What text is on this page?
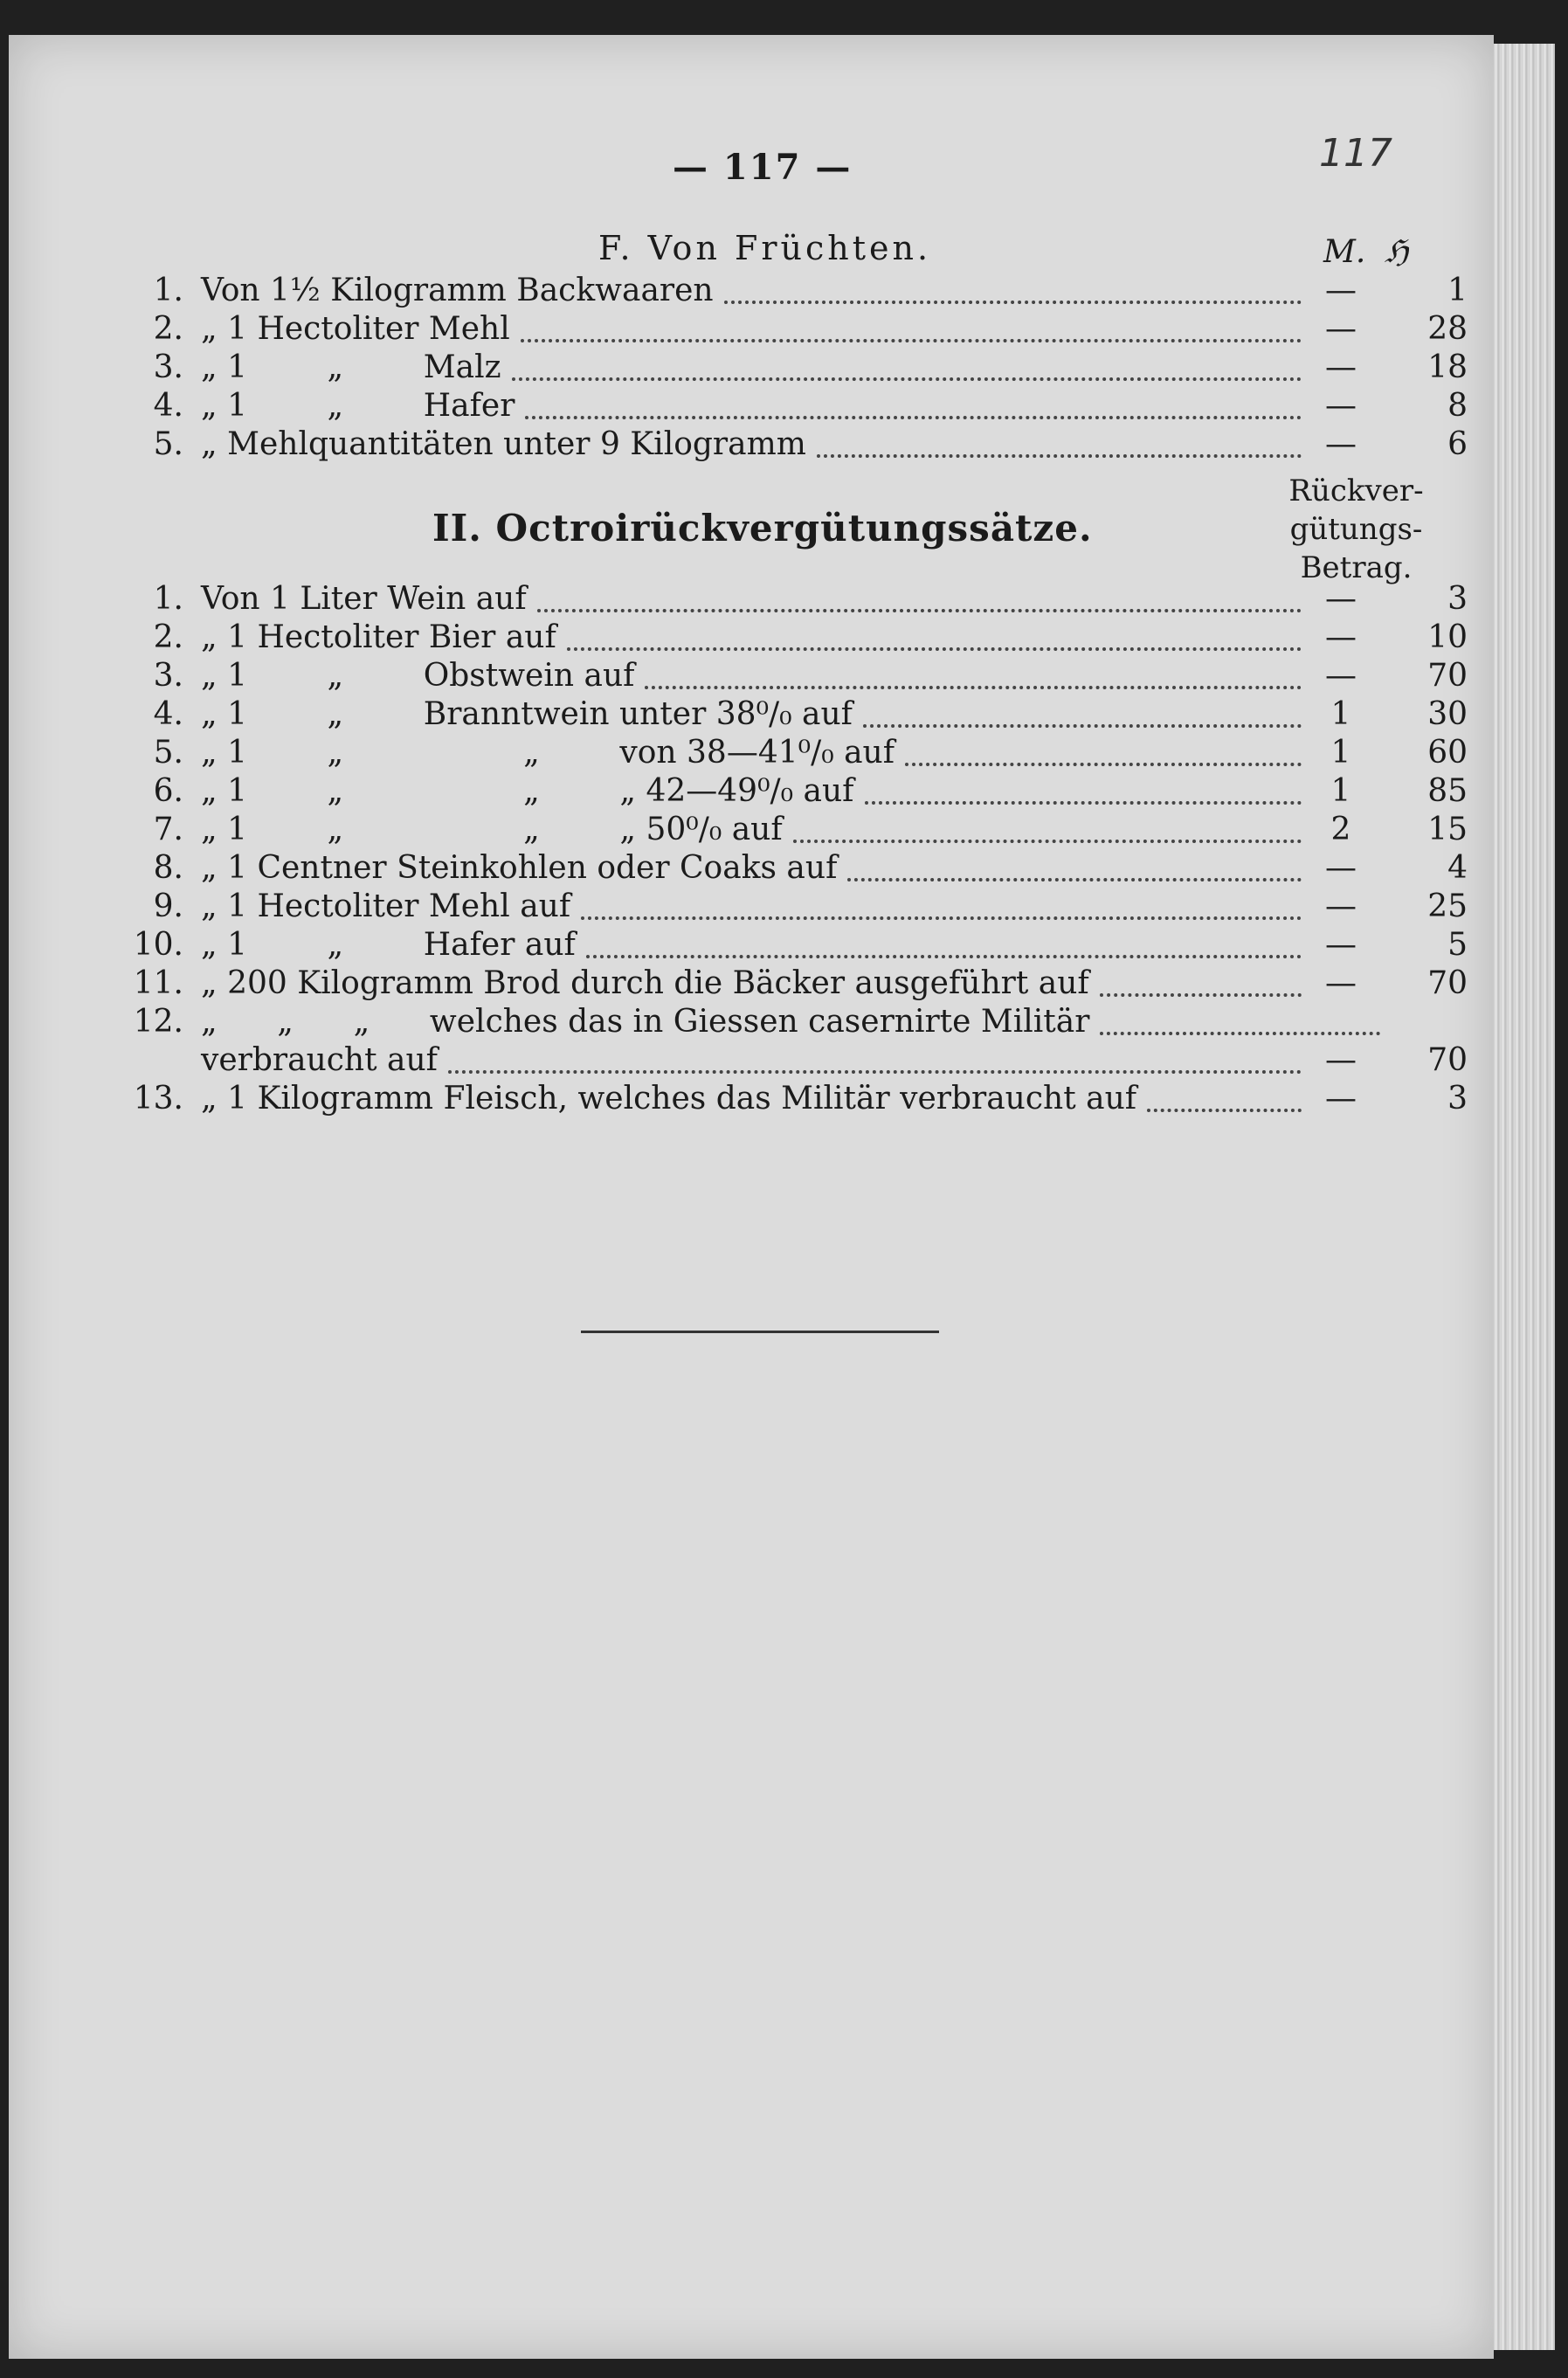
— 117 —	117
F. Von Früchten.	M. ℌ
1. Von 1½ Kilogramm Backwaaren	—	1
2. „ 1 Hectoliter Mehl	—	28
3. „ 1        „        Malz	—	18
4. „ 1        „        Hafer	—	8
5. „ Mehlquantitäten unter 9 Kilogramm	—	6
II. Octroirückvergütungssätze.
Rückver-
gütungs-
Betrag.
1. Von 1 Liter Wein auf	—	3
2. „ 1 Hectoliter Bier auf	—	10
3. „ 1        „        Obstwein auf	—	70
4. „ 1        „        Branntwein unter 38⁰/₀ auf	1	30
5. „ 1        „                  „        von 38—41⁰/₀ auf	1	60
6. „ 1        „                  „        „ 42—49⁰/₀ auf	1	85
7. „ 1        „                  „        „ 50⁰/₀ auf	2	15
8. „ 1 Centner Steinkohlen oder Coaks auf	—	4
9. „ 1 Hectoliter Mehl auf	—	25
10. „ 1        „        Hafer auf	—	5
11. „ 200 Kilogramm Brod durch die Bäcker ausgeführt auf	—	70
12. „      „      „      welches das in Giessen casernirte Militär
verbraucht auf	—	70
13. „ 1 Kilogramm Fleisch, welches das Militär verbraucht auf	—	3
